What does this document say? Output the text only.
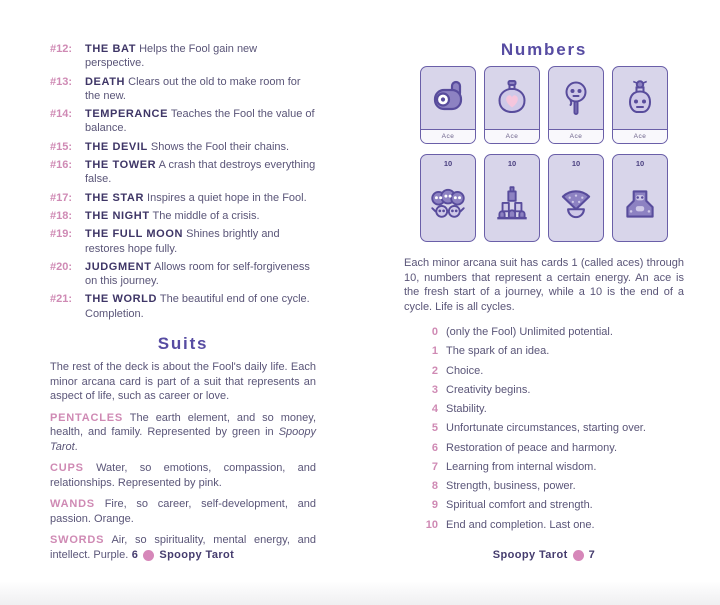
#12:	THE BAT Helps the Fool gain new perspective.
#13:	DEATH Clears out the old to make room for the new.
#14:	TEMPERANCE Teaches the Fool the value of balance.
#15:	THE DEVIL Shows the Fool their chains.
#16:	THE TOWER A crash that destroys everything false.
#17:	THE STAR Inspires a quiet hope in the Fool.
#18:	THE NIGHT The middle of a crisis.
#19:	THE FULL MOON Shines brightly and restores hope fully.
#20:	JUDGMENT Allows room for self-forgiveness on this journey.
#21:	THE WORLD The beautiful end of one cycle. Completion.
Suits

The rest of the deck is about the Fool's daily life. Each minor arcana card is part of a suit that represents an aspect of life, such as career or love.

PENTACLES The earth element, and so money, health, and family. Represented by green in Spoopy Tarot.

CUPS Water, so emotions, compassion, and relationships. Represented by pink.

WANDS Fire, so career, self-development, and passion. Orange.

SWORDS Air, so spirituality, mental energy, and intellect. Purple. 6 Spoopy Tarot
Numbers
Ace	Ace	Ace	Ace
10	10	10	10

Each minor arcana suit has cards 1 (called aces) through 10, numbers that represent a certain energy. An ace is the fresh start of a journey, while a 10 is the end of a cycle. Life is all cycles.

0 (only the Fool) Unlimited potential.
1 The spark of an idea.
2 Choice.
3 Creativity begins.
4 Stability.
5 Unfortunate circumstances, starting over.
6 Restoration of peace and harmony.
7 Learning from internal wisdom.
8 Strength, business, power.
9 Spiritual comfort and strength.
10 End and completion. Last one.
Spoopy Tarot 7
